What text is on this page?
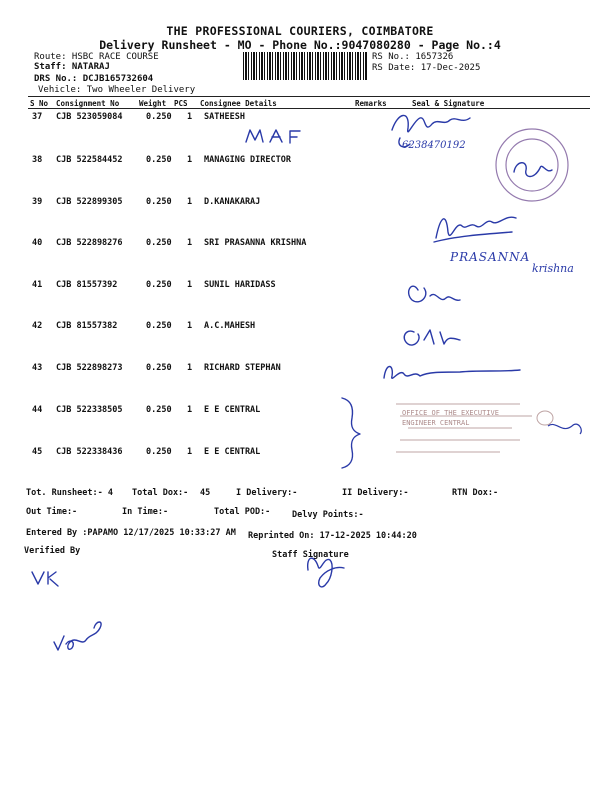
THE PROFESSIONAL COURIERS, COIMBATORE
Delivery Runsheet - MO - Phone No.:9047080280 - Page No.:4
Route: HSBC RACE COURSE
Staff: NATARAJ
DRS No.: DCJB165732604
Vehicle: Two Wheeler Delivery
RS No.: 1657326
RS Date: 17-Dec-2025
S No Consignment No	Weight PCS Consignee Details	Remarks	Seal & Signature
37 CJB 523059084	0.250 1 SATHEESH
38 CJB 522584452	0.250 1 MANAGING DIRECTOR
39 CJB 522899305	0.250 1 D.KANAKARAJ
40 CJB 522898276	0.250 1 SRI PRASANNA KRISHNA
41 CJB 81557392	0.250 1 SUNIL HARIDASS
42 CJB 81557382	0.250 1 A.C.MAHESH
43 CJB 522898273	0.250 1 RICHARD STEPHAN
44 CJB 522338505	0.250 1 E E CENTRAL
45 CJB 522338436	0.250 1 E E CENTRAL
6238470192
PRASANNA
krishna
OFFICE OF THE EXECUTIVE ENGINEER CENTRAL
Tot. Runsheet:- 4 Total Dox:- 45	I Delivery:-	II Delivery:-	RTN Dox:-
Out Time:-	In Time:-	Total POD:-	Delvy Points:-
Entered By :PAPAMO 12/17/2025 10:33:27 AM Reprinted On: 17-12-2025 10:44:20
Verified By	Staff Signature
